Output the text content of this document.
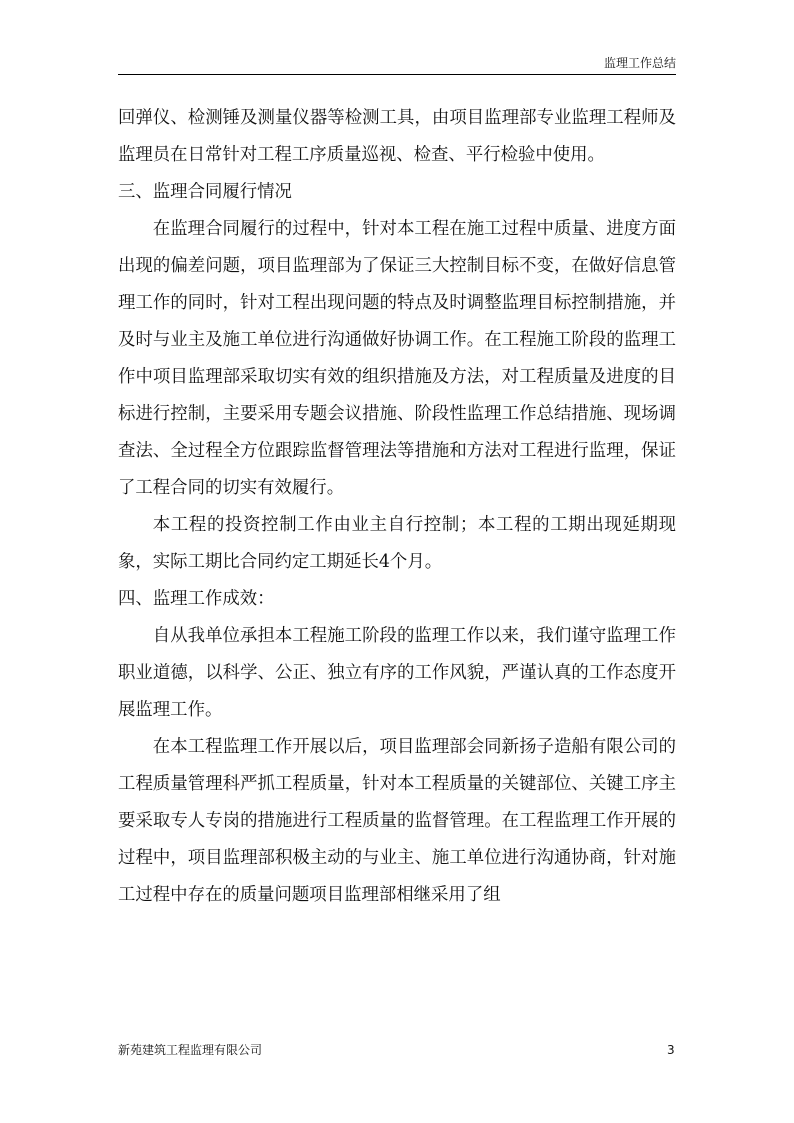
监理工作总结

回弹仪、检测锤及测量仪器等检测工具，由项目监理部专业监理工程师及监理员在日常针对工程工序质量巡视、检查、平行检验中使用。

三、监理合同履行情况

在监理合同履行的过程中，针对本工程在施工过程中质量、进度方面出现的偏差问题，项目监理部为了保证三大控制目标不变，在做好信息管理工作的同时，针对工程出现问题的特点及时调整监理目标控制措施，并及时与业主及施工单位进行沟通做好协调工作。在工程施工阶段的监理工作中项目监理部采取切实有效的组织措施及方法，对工程质量及进度的目标进行控制，主要采用专题会议措施、阶段性监理工作总结措施、现场调查法、全过程全方位跟踪监督管理法等措施和方法对工程进行监理，保证了工程合同的切实有效履行。

本工程的投资控制工作由业主自行控制；本工程的工期出现延期现象，实际工期比合同约定工期延长4个月。

四、监理工作成效：

自从我单位承担本工程施工阶段的监理工作以来，我们谨守监理工作职业道德，以科学、公正、独立有序的工作风貌，严谨认真的工作态度开展监理工作。

在本工程监理工作开展以后，项目监理部会同新扬子造船有限公司的工程质量管理科严抓工程质量，针对本工程质量的关键部位、关键工序主要采取专人专岗的措施进行工程质量的监督管理。在工程监理工作开展的过程中，项目监理部积极主动的与业主、施工单位进行沟通协商，针对施工过程中存在的质量问题项目监理部相继采用了组

新苑建筑工程监理有限公司	3
